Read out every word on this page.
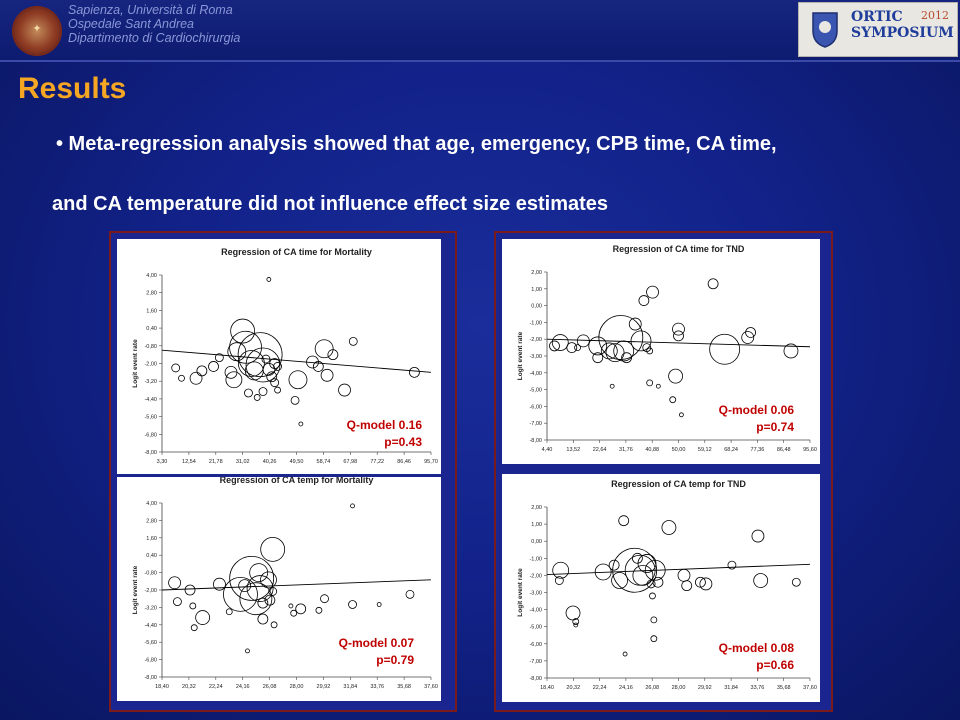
✦
Sapienza, Università di Roma
Ospedale Sant Andrea
Dipartimento di Cardiochirurgia
ORTIC
SYMPOSIUM
2012
Results
• Meta-regression analysis showed that age, emergency, CPB time, CA time,
and CA temperature did not influence effect size estimates
Regression of CA time for Mortality
4,00
2,80
1,60
0,40
-0,80
-2,00
-3,20
-4,40
-5,60
-6,80
-8,00
3,30	12,54 21,78 31,02 40,26 49,50 58,74 67,98 77,22 86,46 95,70
Logit event rate
Regression of CA temp for Mortality
4,00
2,80
1,60
0,40
-0,80
-2,00
-3,20
-4,40
-5,60
-6,80
-8,00
18,40 20,32 22,24 24,16 26,08 28,00 29,92 31,84 33,76 35,68 37,60
Logit event rate
Regression of CA time for TND
2,00
1,00
0,00
-1,00
-2,00
-3,00
-4,00
-5,00
-6,00
-7,00
-8,00
4,40	13,52 22,64 31,76 40,88 50,00 59,12 68,24 77,36 86,48 95,60
Logit event rate
Regression of CA temp for TND
2,00
1,00
0,00
-1,00
-2,00
-3,00
-4,00
-5,00
-6,00
-7,00
-8,00
18,40 20,32 22,24 24,16 26,08 28,00 29,92 31,84 33,76 35,68 37,60
Logit event rate
Q-model 0.16
p=0.43
Q-model 0.07
p=0.79
Q-model 0.06
p=0.74
Q-model 0.08
p=0.66
